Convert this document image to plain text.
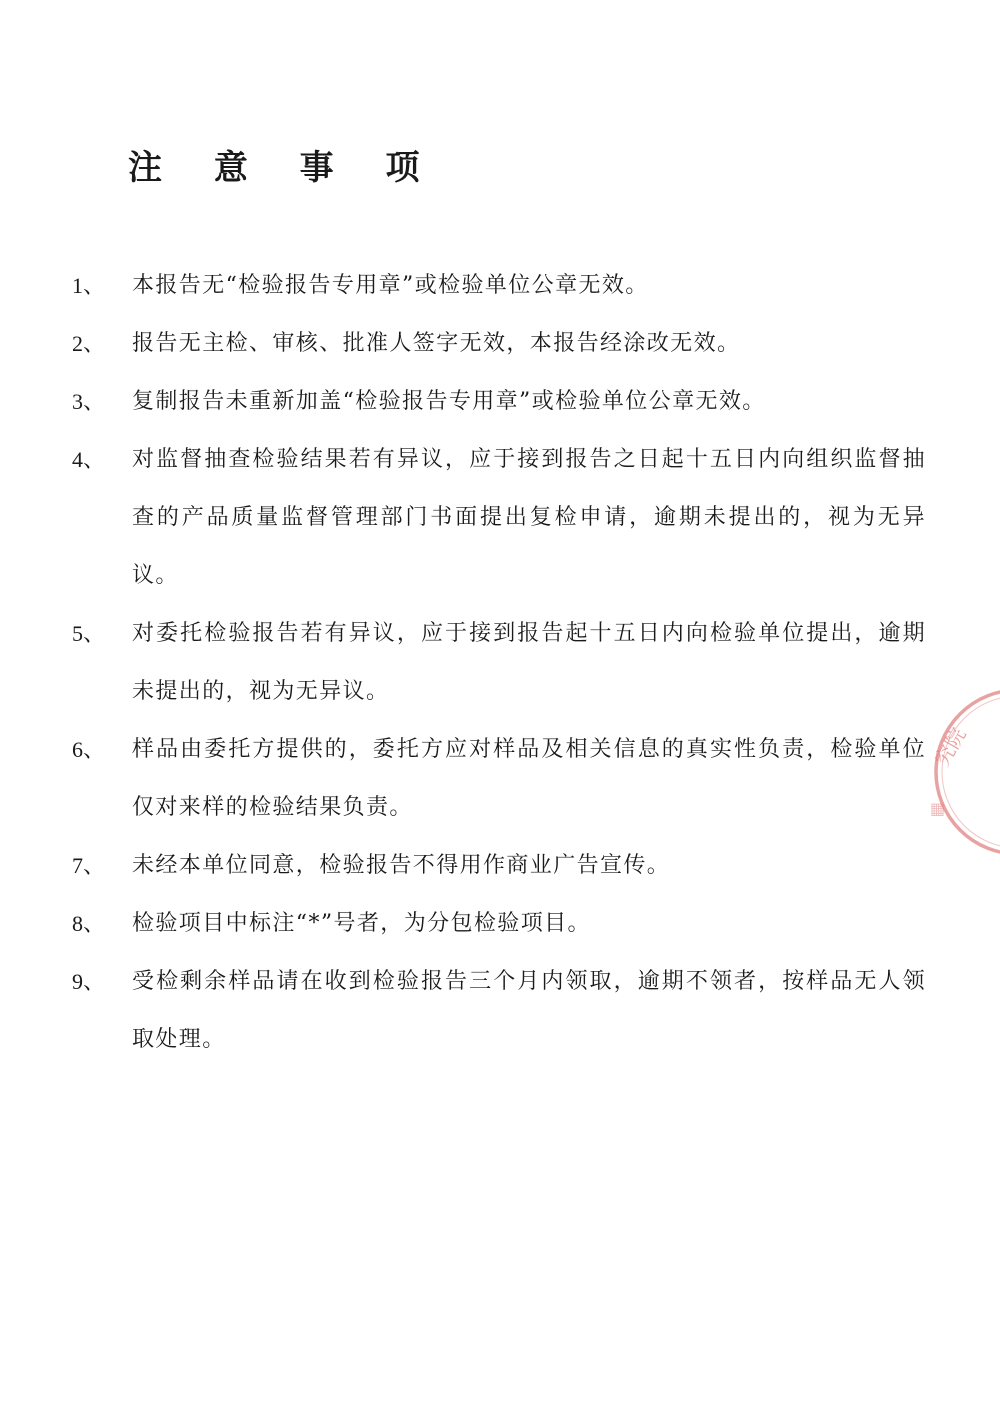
注 意 事 项
1、 本报告无“检验报告专用章”或检验单位公章无效。
2、 报告无主检、审核、批准人签字无效，本报告经涂改无效。
3、 复制报告未重新加盖“检验报告专用章”或检验单位公章无效。
4、 对监督抽查检验结果若有异议，应于接到报告之日起十五日内向组织监督抽查的产品质量监督管理部门书面提出复检申请，逾期未提出的，视为无异议。
5、 对委托检验报告若有异议，应于接到报告起十五日内向检验单位提出，逾期未提出的，视为无异议。
6、 样品由委托方提供的，委托方应对样品及相关信息的真实性负责，检验单位仅对来样的检验结果负责。
7、 未经本单位同意，检验报告不得用作商业广告宣传。
8、 检验项目中标注“*”号者，为分包检验项目。
9、 受检剩余样品请在收到检验报告三个月内领取，逾期不领者，按样品无人领取处理。
究院
▦
